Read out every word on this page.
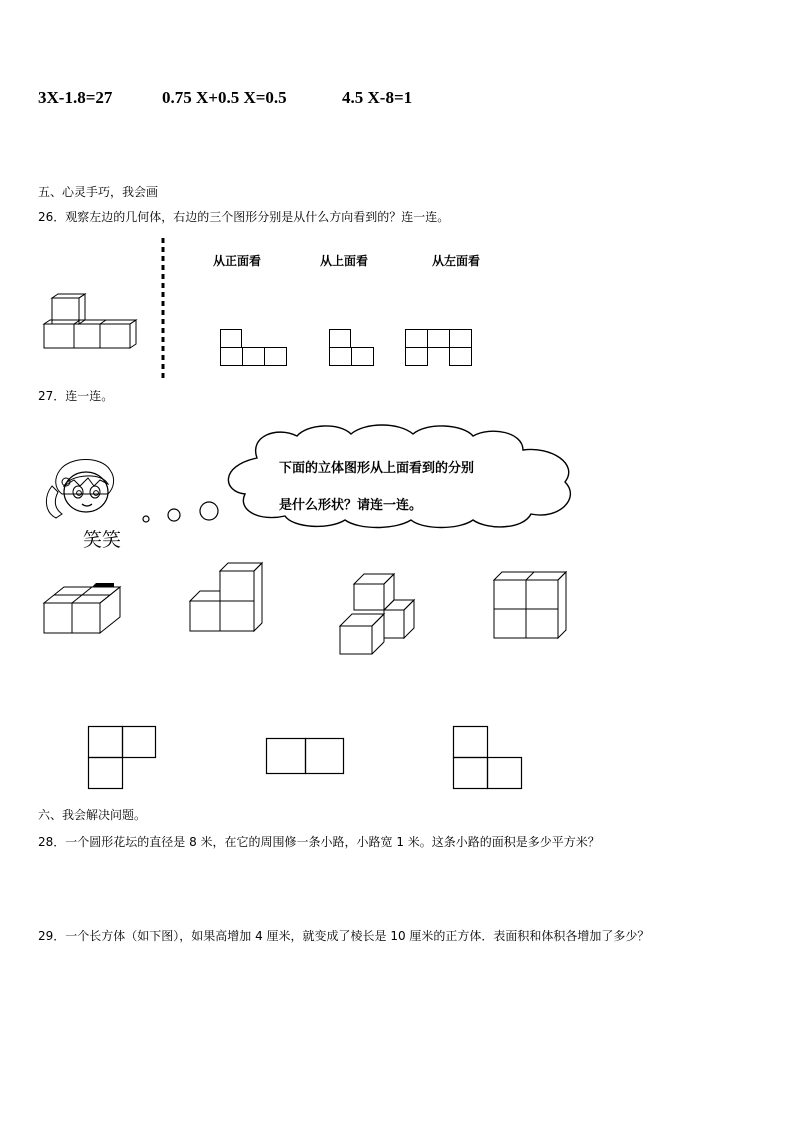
3X-1.8=27	0.75 X+0.5 X=0.5	4.5 X-8=1
五、心灵手巧，我会画
26．观察左边的几何体，右边的三个图形分别是从什么方向看到的？连一连。
从正面看	从上面看	从左面看
27．连一连。
笑笑
下面的立体图形从上面看到的分别
是什么形状？请连一连。
六、我会解决问题。
28．一个圆形花坛的直径是 8 米，在它的周围修一条小路，小路宽 1 米。这条小路的面积是多少平方米？
29．一个长方体（如下图），如果高增加 4 厘米，就变成了棱长是 10 厘米的正方体．表面积和体积各增加了多少？
